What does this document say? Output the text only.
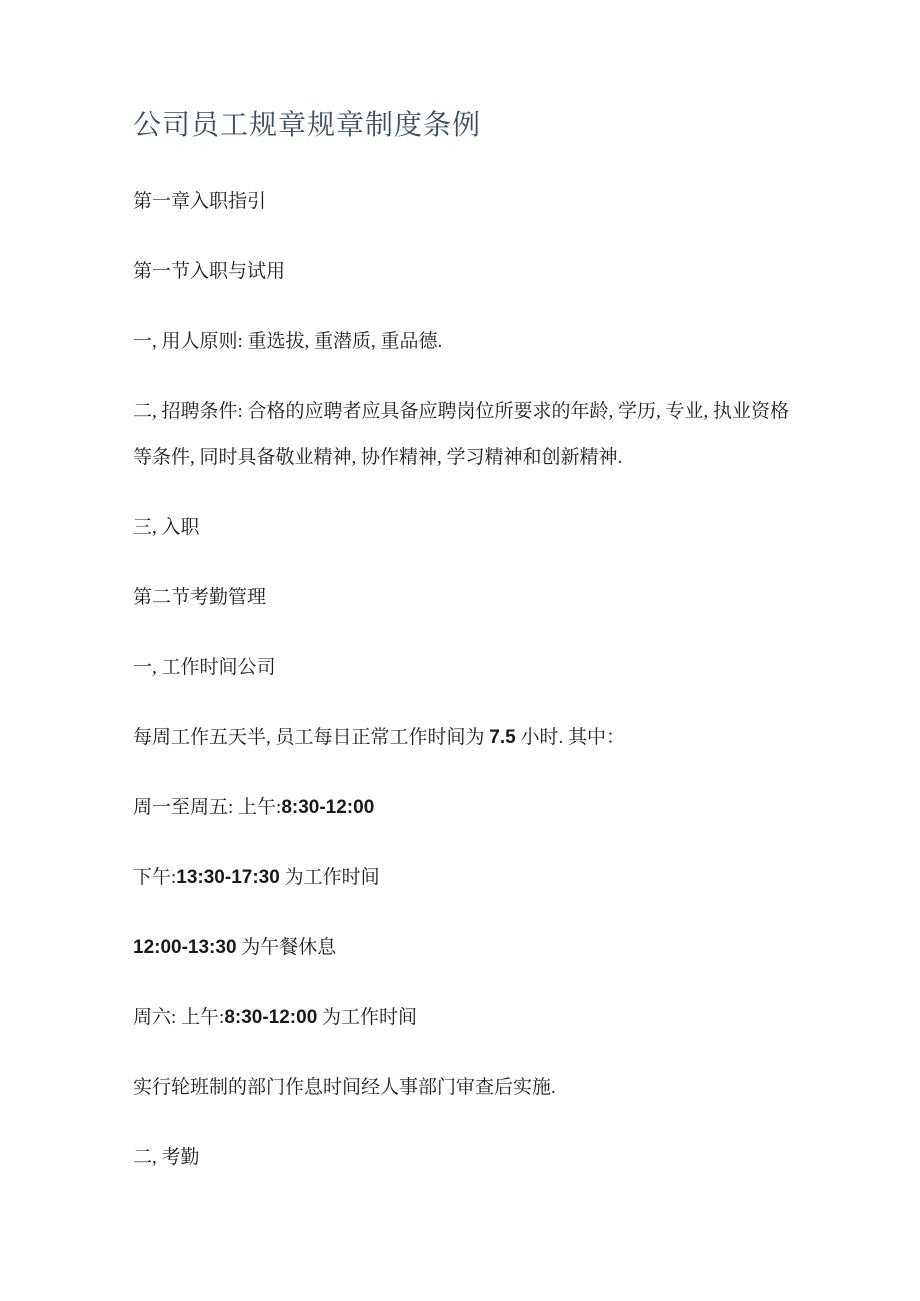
公司员工规章规章制度条例

第一章入职指引

第一节入职与试用

一, 用人原则: 重选拔, 重潜质, 重品德.

二, 招聘条件: 合格的应聘者应具备应聘岗位所要求的年龄, 学历, 专业, 执业资格
等条件, 同时具备敬业精神, 协作精神, 学习精神和创新精神.

三, 入职

第二节考勤管理

一, 工作时间公司

每周工作五天半, 员工每日正常工作时间为 7.5 小时. 其中：

周一至周五: 上午:8:30-12:00

下午:13:30-17:30 为工作时间

12:00-13:30 为午餐休息

周六: 上午:8:30-12:00 为工作时间

实行轮班制的部门作息时间经人事部门审查后实施.

二, 考勤
